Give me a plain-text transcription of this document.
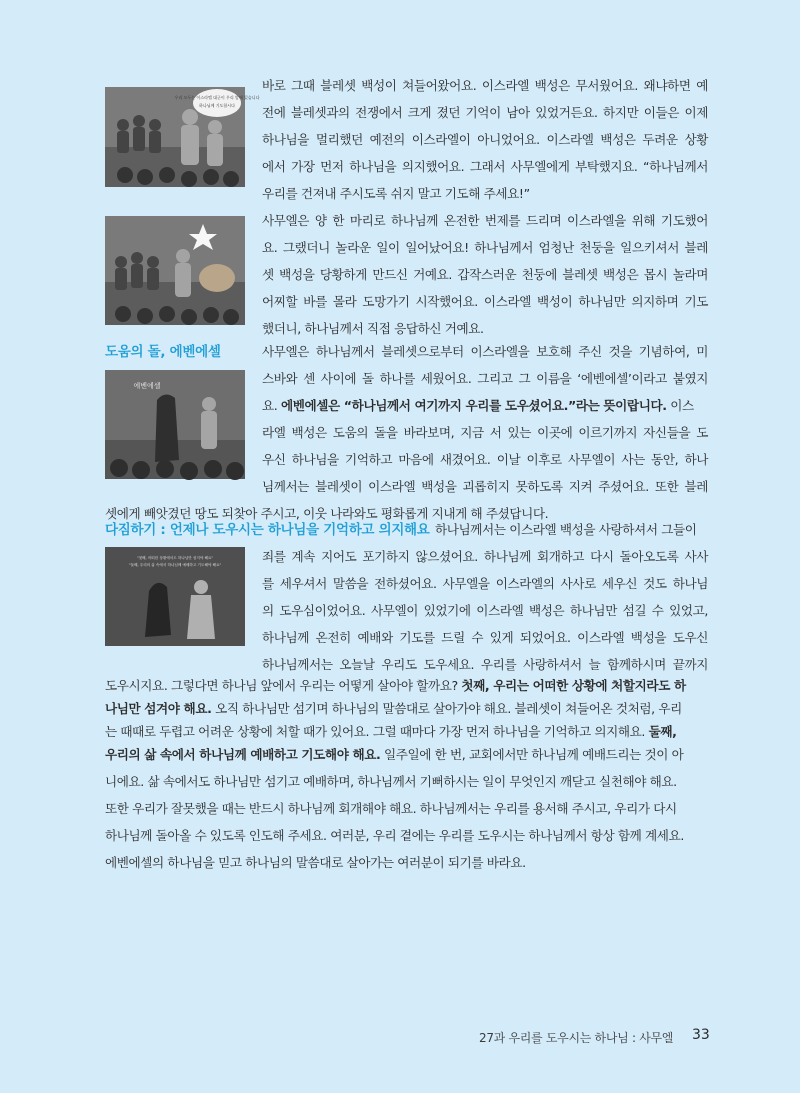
우리 모두는 이스라엘 대군이 우리 앞에 있습니다
하나님께 기도합시다
바로 그때 블레셋 백성이 쳐들어왔어요. 이스라엘 백성은 무서웠어요. 왜냐하면 예
전에 블레셋과의 전쟁에서 크게 졌던 기억이 남아 있었거든요. 하지만 이들은 이제
하나님을 멀리했던 예전의 이스라엘이 아니었어요. 이스라엘 백성은 두려운 상황
에서 가장 먼저 하나님을 의지했어요. 그래서 사무엘에게 부탁했지요. “하나님께서
우리를 건져내 주시도록 쉬지 말고 기도해 주세요!”
사무엘은 양 한 마리로 하나님께 온전한 번제를 드리며 이스라엘을 위해 기도했어
요. 그랬더니 놀라운 일이 일어났어요! 하나님께서 엄청난 천둥을 일으키셔서 블레
셋 백성을 당황하게 만드신 거예요. 갑작스러운 천둥에 블레셋 백성은 몹시 놀라며
어찌할 바를 몰라 도망가기 시작했어요. 이스라엘 백성이 하나님만 의지하며 기도
했더니, 하나님께서 직접 응답하신 거예요.
도움의 돌, 에벤에셀
에벤에셀
사무엘은 하나님께서 블레셋으로부터 이스라엘을 보호해 주신 것을 기념하여, 미
스바와 센 사이에 돌 하나를 세웠어요. 그리고 그 이름을 ‘에벤에셀’이라고 붙였지
요. 에벤에셀은 “하나님께서 여기까지 우리를 도우셨어요.”라는 뜻이랍니다. 이스
라엘 백성은 도움의 돌을 바라보며, 지금 서 있는 이곳에 이르기까지 자신들을 도
우신 하나님을 기억하고 마음에 새겼어요. 이날 이후로 사무엘이 사는 동안, 하나
님께서는 블레셋이 이스라엘 백성을 괴롭히지 못하도록 지켜 주셨어요. 또한 블레
셋에게 빼앗겼던 땅도 되찾아 주시고, 이웃 나라와도 평화롭게 지내게 해 주셨답니다.
다짐하기 : 언제나 도우시는 하나님을 기억하고 의지해요 하나님께서는 이스라엘 백성을 사랑하셔서 그들이
"첫째, 어떠한 상황에서도 하나님만 섬겨야 해요"
"둘째, 우리의 삶 속에서 하나님께 예배하고 기도해야 해요"
죄를 계속 지어도 포기하지 않으셨어요. 하나님께 회개하고 다시 돌아오도록 사사
를 세우셔서 말씀을 전하셨어요. 사무엘을 이스라엘의 사사로 세우신 것도 하나님
의 도우심이었어요. 사무엘이 있었기에 이스라엘 백성은 하나님만 섬길 수 있었고,
하나님께 온전히 예배와 기도를 드릴 수 있게 되었어요. 이스라엘 백성을 도우신
하나님께서는 오늘날 우리도 도우세요. 우리를 사랑하셔서 늘 함께하시며 끝까지
도우시지요. 그렇다면 하나님 앞에서 우리는 어떻게 살아야 할까요? 첫째, 우리는 어떠한 상황에 처할지라도 하
나님만 섬겨야 해요. 오직 하나님만 섬기며 하나님의 말씀대로 살아가야 해요. 블레셋이 쳐들어온 것처럼, 우리
는 때때로 두렵고 어려운 상황에 처할 때가 있어요. 그럴 때마다 가장 먼저 하나님을 기억하고 의지해요. 둘째,
우리의 삶 속에서 하나님께 예배하고 기도해야 해요. 일주일에 한 번, 교회에서만 하나님께 예배드리는 것이 아
니에요. 삶 속에서도 하나님만 섬기고 예배하며, 하나님께서 기뻐하시는 일이 무엇인지 깨닫고 실천해야 해요.
또한 우리가 잘못했을 때는 반드시 하나님께 회개해야 해요. 하나님께서는 우리를 용서해 주시고, 우리가 다시
하나님께 돌아올 수 있도록 인도해 주세요. 여러분, 우리 곁에는 우리를 도우시는 하나님께서 항상 함께 계세요.
에벤에셀의 하나님을 믿고 하나님의 말씀대로 살아가는 여러분이 되기를 바라요.
27과 우리를 도우시는 하나님 : 사무엘 33
